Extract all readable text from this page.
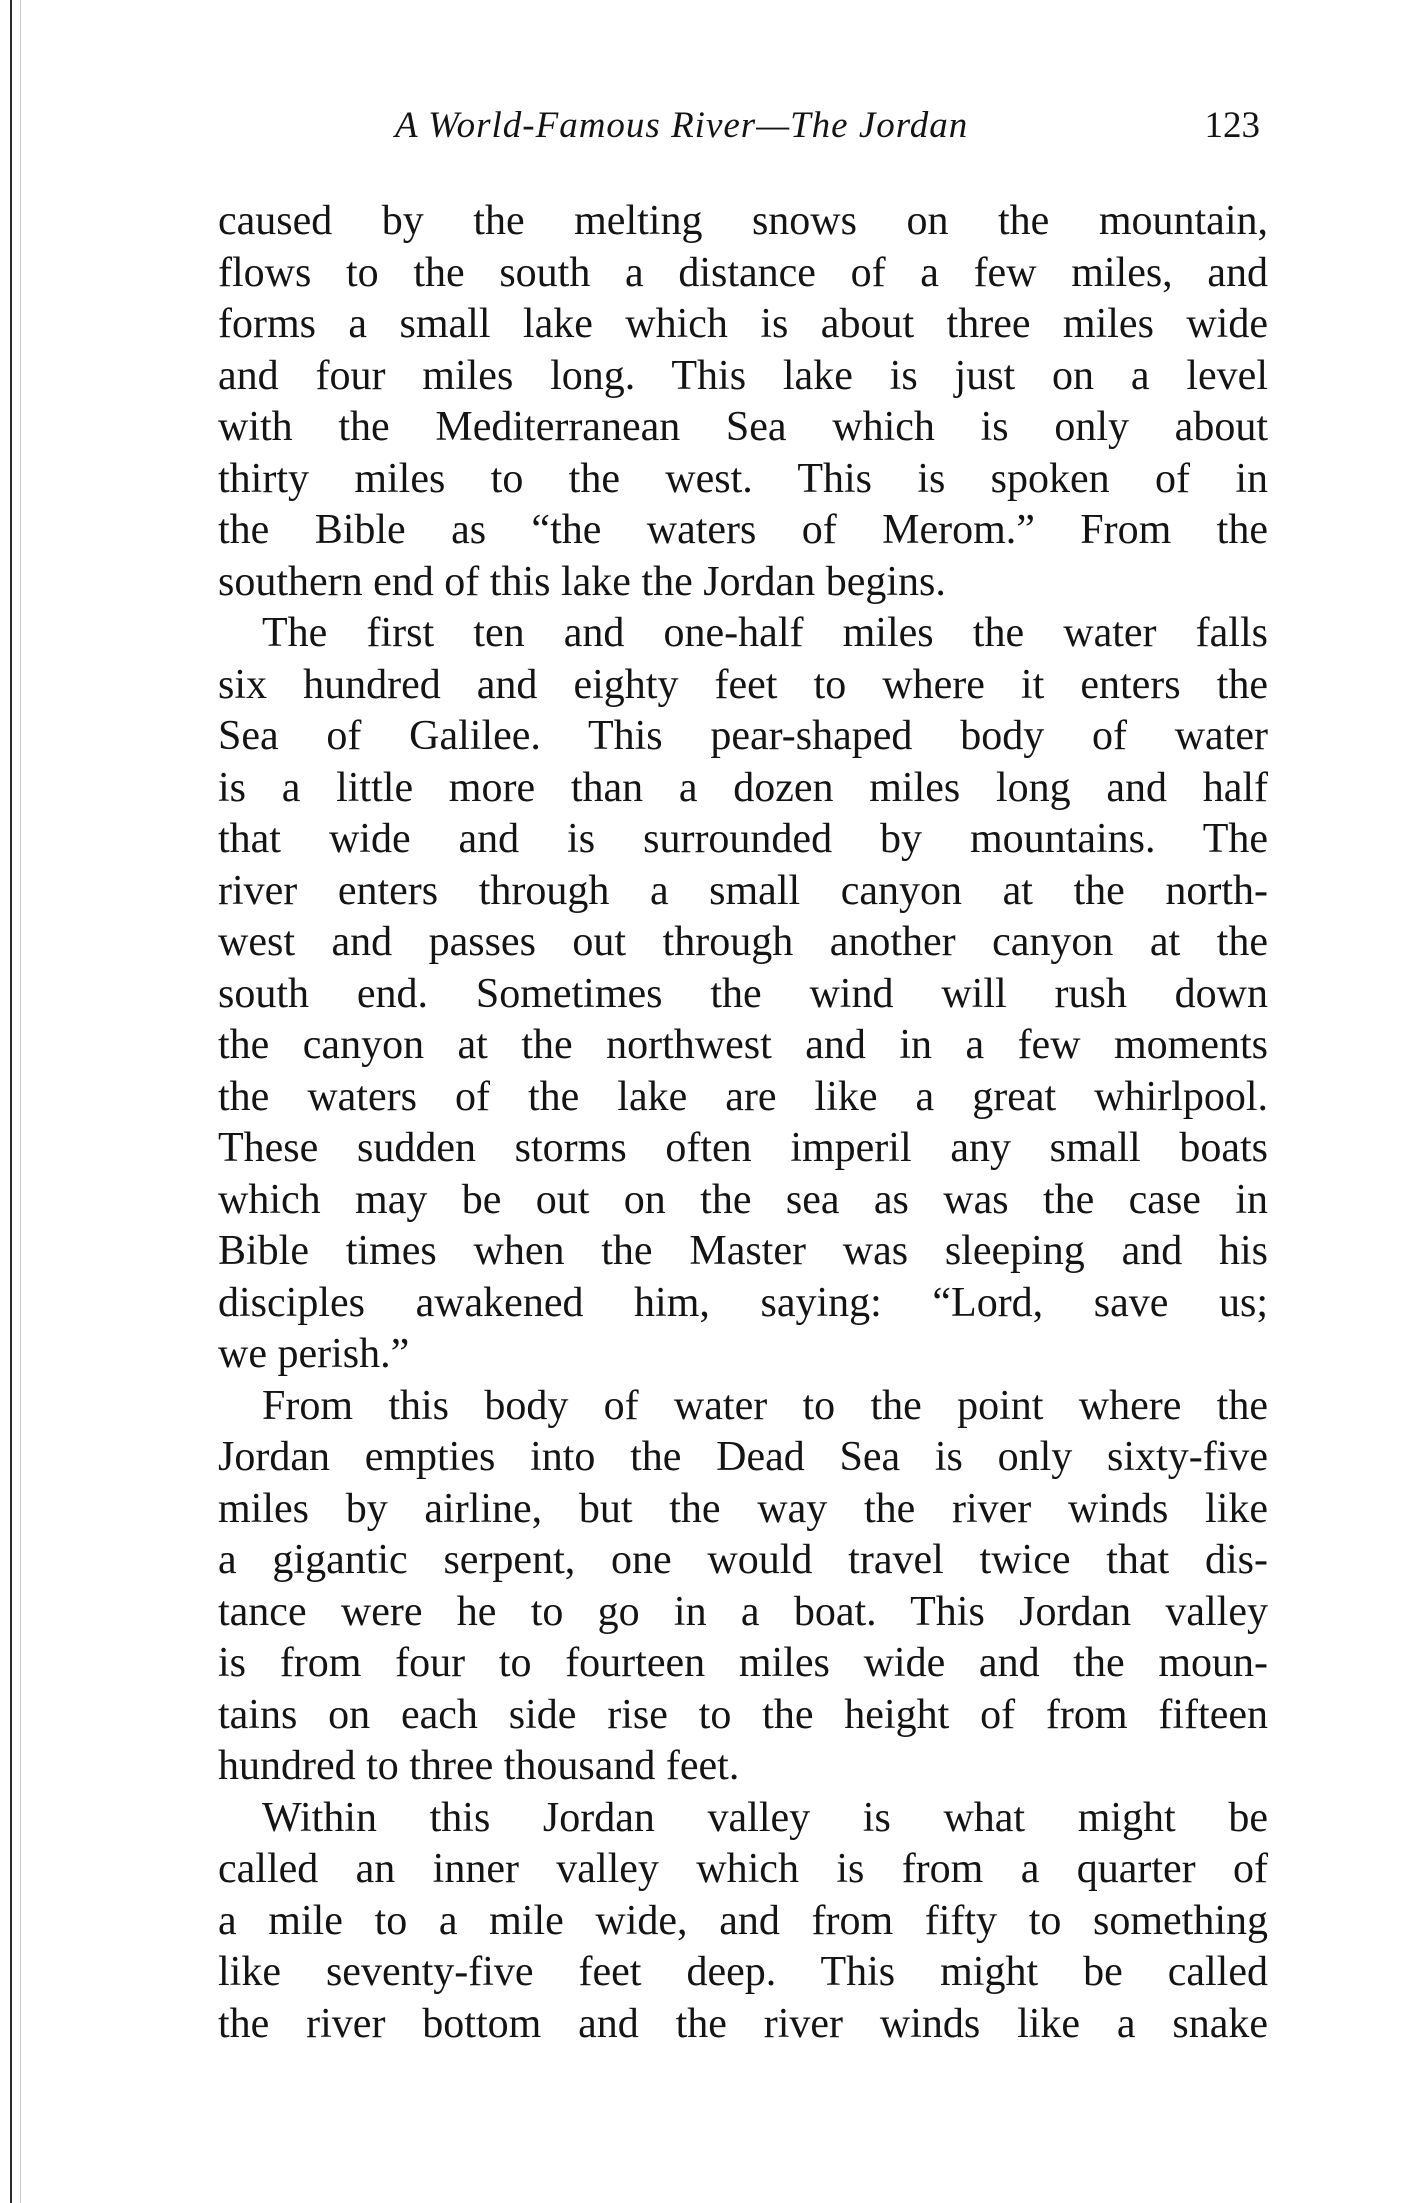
A World-Famous River—The Jordan	123
caused by the melting snows on the mountain,
flows to the south a distance of a few miles, and
forms a small lake which is about three miles wide
and four miles long. This lake is just on a level
with the Mediterranean Sea which is only about
thirty miles to the west. This is spoken of in
the Bible as “the waters of Merom.” From the
southern end of this lake the Jordan begins.
The first ten and one-half miles the water falls
six hundred and eighty feet to where it enters the
Sea of Galilee. This pear-shaped body of water
is a little more than a dozen miles long and half
that wide and is surrounded by mountains. The
river enters through a small canyon at the north-
west and passes out through another canyon at the
south end. Sometimes the wind will rush down
the canyon at the northwest and in a few moments
the waters of the lake are like a great whirlpool.
These sudden storms often imperil any small boats
which may be out on the sea as was the case in
Bible times when the Master was sleeping and his
disciples awakened him, saying: “Lord, save us;
we perish.”
From this body of water to the point where the
Jordan empties into the Dead Sea is only sixty-five
miles by airline, but the way the river winds like
a gigantic serpent, one would travel twice that dis-
tance were he to go in a boat. This Jordan valley
is from four to fourteen miles wide and the moun-
tains on each side rise to the height of from fifteen
hundred to three thousand feet.
Within this Jordan valley is what might be
called an inner valley which is from a quarter of
a mile to a mile wide, and from fifty to something
like seventy-five feet deep. This might be called
the river bottom and the river winds like a snake
